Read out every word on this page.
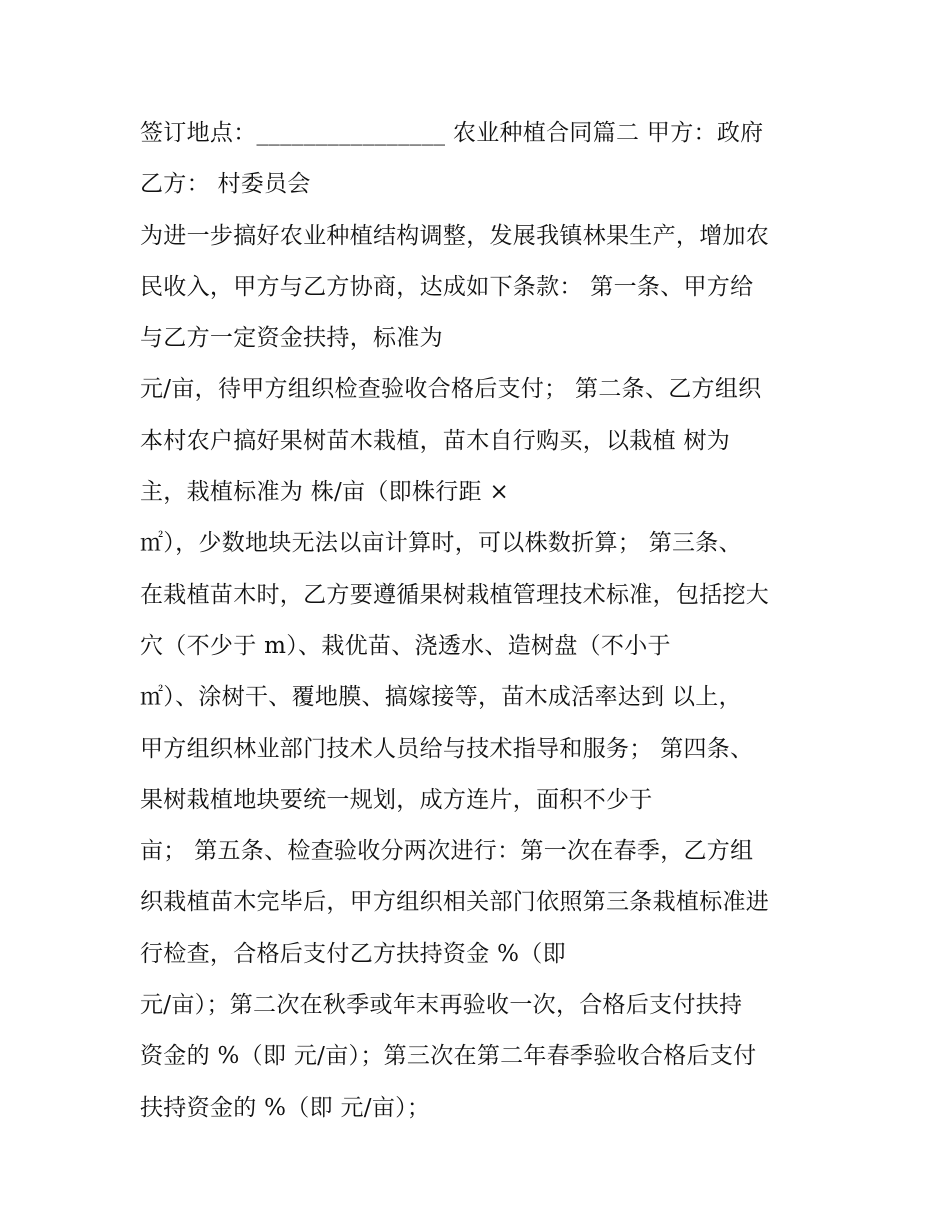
签订地点：________________ 农业种植合同篇二 甲方：政府
乙方： 村委员会
为进一步搞好农业种植结构调整，发展我镇林果生产，增加农
民收入，甲方与乙方协商，达成如下条款： 第一条、甲方给
与乙方一定资金扶持，标准为
元/亩，待甲方组织检查验收合格后支付； 第二条、乙方组织
本村农户搞好果树苗木栽植，苗木自行购买，以栽植 树为
主，栽植标准为 株/亩（即株行距 ×
㎡），少数地块无法以亩计算时，可以株数折算； 第三条、
在栽植苗木时，乙方要遵循果树栽植管理技术标准，包括挖大
穴（不少于 m）、栽优苗、浇透水、造树盘（不小于
㎡）、涂树干、覆地膜、搞嫁接等，苗木成活率达到 以上，
甲方组织林业部门技术人员给与技术指导和服务； 第四条、
果树栽植地块要统一规划，成方连片，面积不少于
亩； 第五条、检查验收分两次进行：第一次在春季，乙方组
织栽植苗木完毕后，甲方组织相关部门依照第三条栽植标准进
行检查，合格后支付乙方扶持资金 %（即
元/亩）；第二次在秋季或年末再验收一次，合格后支付扶持
资金的 %（即 元/亩）；第三次在第二年春季验收合格后支付
扶持资金的 %（即 元/亩）；
